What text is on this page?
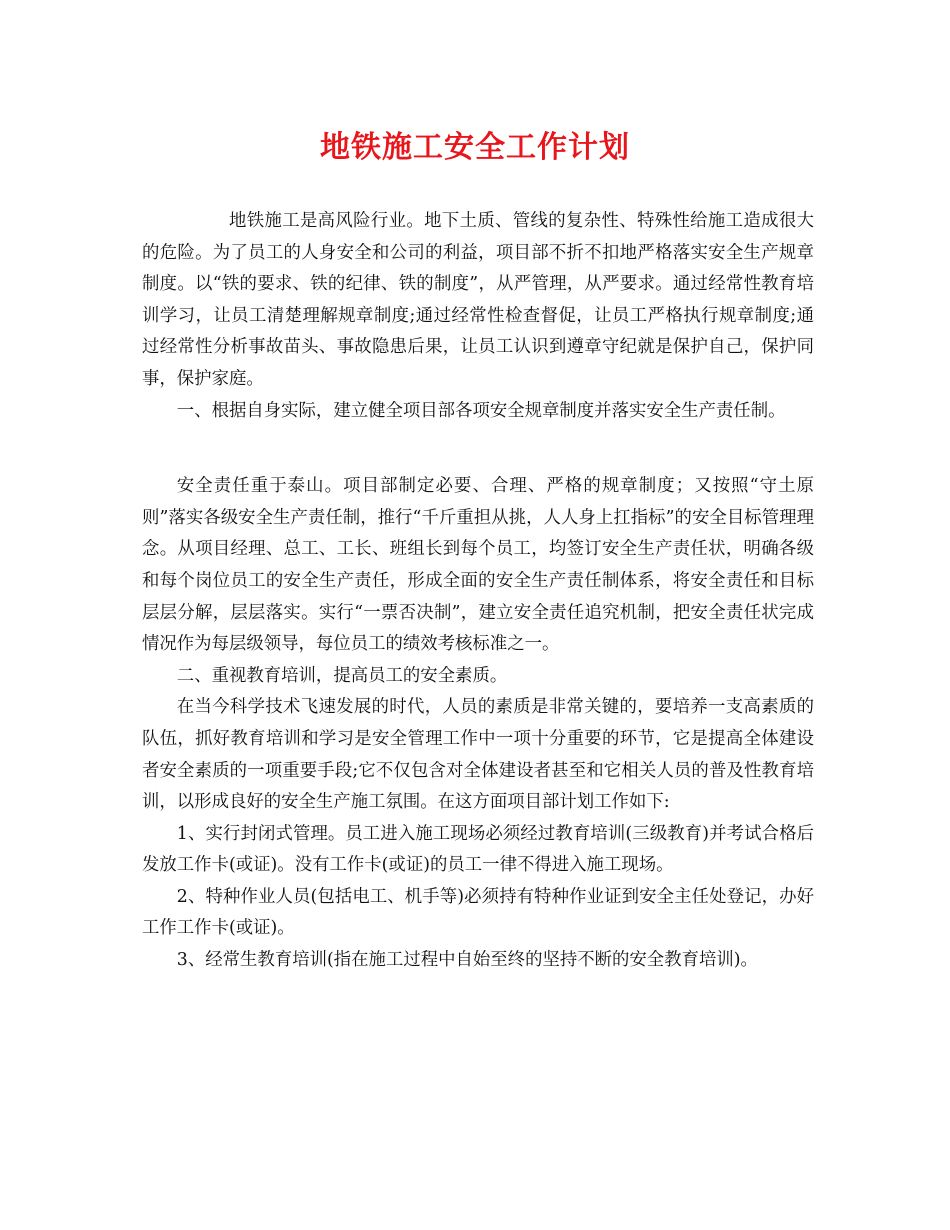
地铁施工安全工作计划

地铁施工是高风险行业。地下土质、管线的复杂性、特殊性给施工造成很大的危险。为了员工的人身安全和公司的利益，项目部不折不扣地严格落实安全生产规章制度。以“铁的要求、铁的纪律、铁的制度”，从严管理，从严要求。通过经常性教育培训学习，让员工清楚理解规章制度;通过经常性检查督促，让员工严格执行规章制度;通过经常性分析事故苗头、事故隐患后果，让员工认识到遵章守纪就是保护自己，保护同事，保护家庭。

一、根据自身实际，建立健全项目部各项安全规章制度并落实安全生产责任制。

安全责任重于泰山。项目部制定必要、合理、严格的规章制度；又按照“守土原则”落实各级安全生产责任制，推行“千斤重担从挑，人人身上扛指标”的安全目标管理理念。从项目经理、总工、工长、班组长到每个员工，均签订安全生产责任状，明确各级和每个岗位员工的安全生产责任，形成全面的安全生产责任制体系，将安全责任和目标层层分解，层层落实。实行“一票否决制”，建立安全责任追究机制，把安全责任状完成情况作为每层级领导，每位员工的绩效考核标准之一。

二、重视教育培训，提高员工的安全素质。

在当今科学技术飞速发展的时代，人员的素质是非常关键的，要培养一支高素质的队伍，抓好教育培训和学习是安全管理工作中一项十分重要的环节，它是提高全体建设者安全素质的一项重要手段;它不仅包含对全体建设者甚至和它相关人员的普及性教育培训，以形成良好的安全生产施工氛围。在这方面项目部计划工作如下:

1、实行封闭式管理。员工进入施工现场必须经过教育培训(三级教育)并考试合格后发放工作卡(或证)。没有工作卡(或证)的员工一律不得进入施工现场。

2、特种作业人员(包括电工、机手等)必须持有特种作业证到安全主任处登记，办好工作工作卡(或证)。

3、经常生教育培训(指在施工过程中自始至终的坚持不断的安全教育培训)。
